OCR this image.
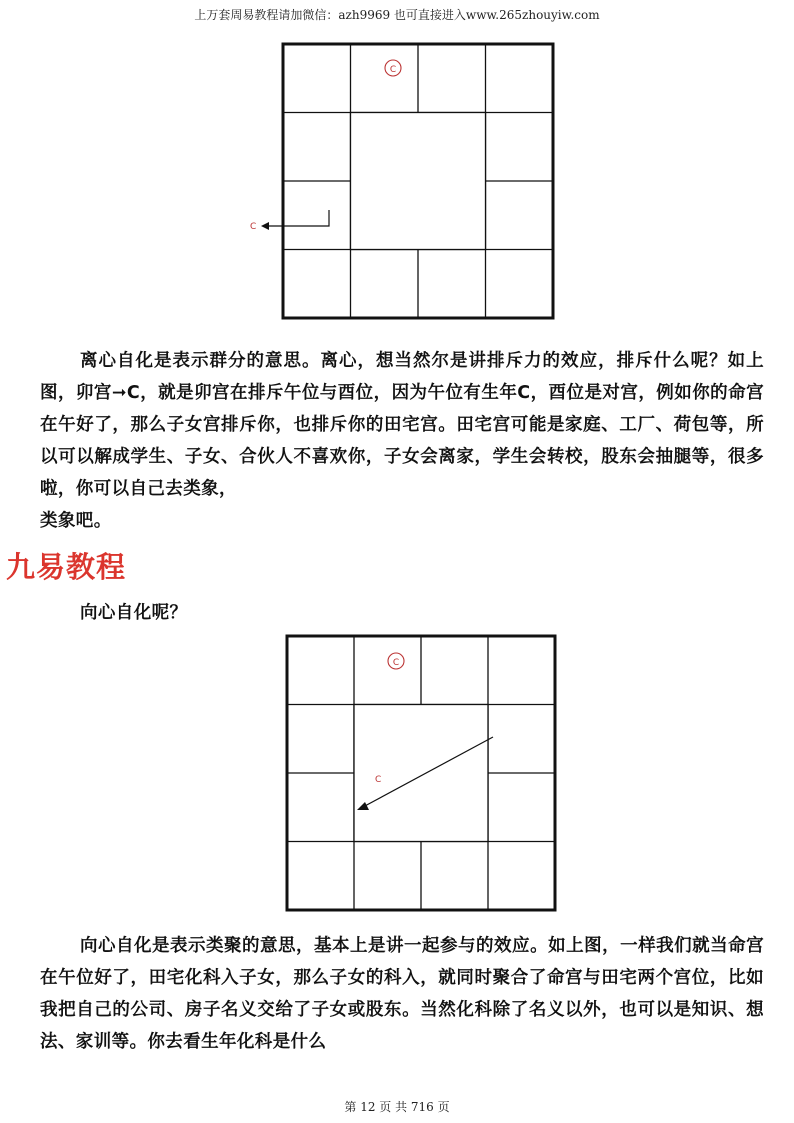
上万套周易教程请加微信：azh9969 也可直接进入www.265zhouyiw.com
C
C

离心自化是表示群分的意思。离心，想当然尔是讲排斥力的效应，排斥什么呢？如上图，卯宫➞C，就是卯宫在排斥午位与酉位，因为午位有生年C，酉位是对宫，例如你的命宫在午好了，那么子女宫排斥你，也排斥你的田宅宫。田宅宫可能是家庭、工厂、荷包等，所以可以解成学生、子女、合伙人不喜欢你，子女会离家，学生会转校，股东会抽腿等，很多啦，你可以自己去类象，

类象吧。

九易教程

向心自化呢？

C
C

向心自化是表示类聚的意思，基本上是讲一起参与的效应。如上图，一样我们就当命宫在午位好了，田宅化科入子女，那么子女的科入，就同时聚合了命宫与田宅两个宫位，比如我把自己的公司、房子名义交给了子女或股东。当然化科除了名义以外，也可以是知识、想法、家训等。你去看生年化科是什么

第 12 页 共 716 页
